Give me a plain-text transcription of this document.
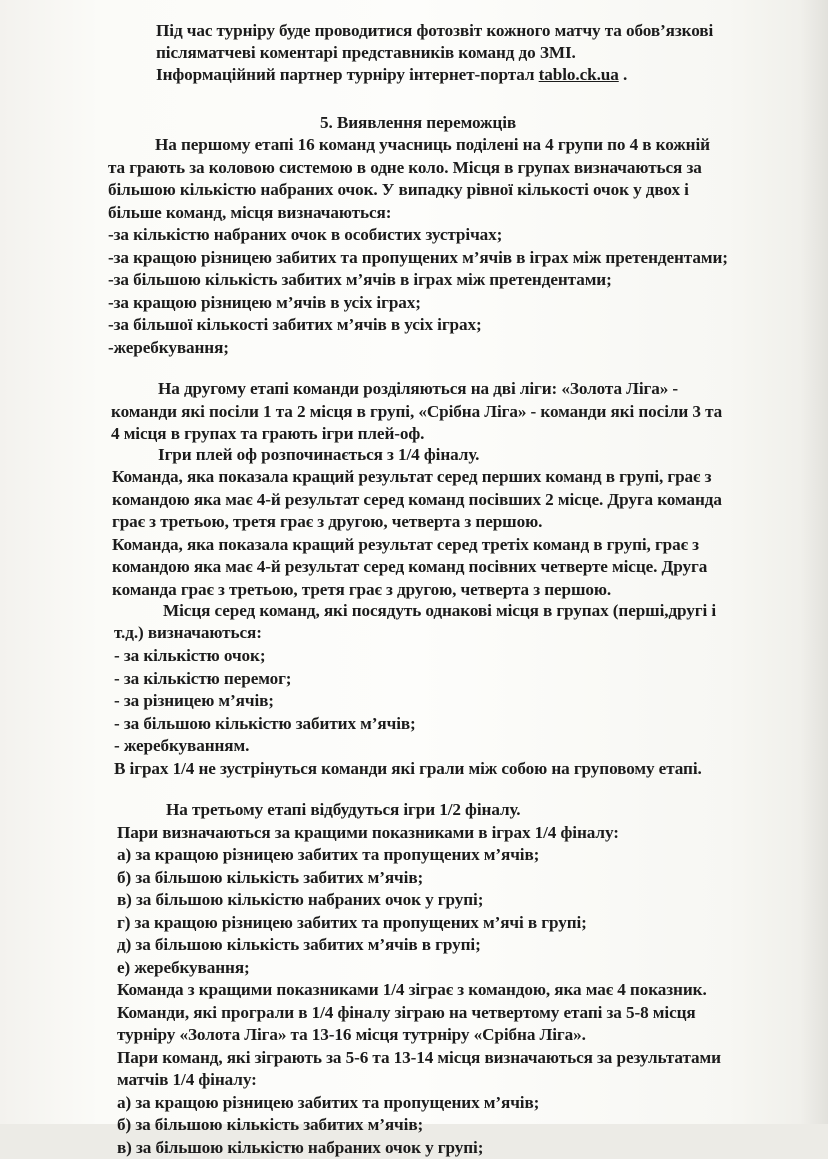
Під час турніру буде проводитися фотозвіт кожного матчу та обов’язкові
післяматчеві коментарі представників команд до ЗМІ.
Інформаційний партнер турніру інтернет-портал tablo.ck.ua .
5. Виявлення переможців
На першому етапі 16 команд учасниць поділені на 4 групи по 4 в кожній
та грають за коловою системою в одне коло. Місця в групах визначаються за
більшою кількістю набраних очок. У випадку рівної кількості очок у двох і
більше команд, місця визначаються:
-за кількістю набраних очок в особистих зустрічах;
-за кращою різницею забитих та пропущених м’ячів в іграх між претендентами;
-за більшою кількість забитих м’ячів в іграх між претендентами;
-за кращою різницею м’ячів в усіх іграх;
-за більшої кількості забитих м’ячів в усіх іграх;
-жеребкування;
На другому етапі команди розділяються на дві ліги: «Золота Ліга» -
команди які посіли 1 та 2 місця в групі, «Срібна Ліга» - команди які посіли 3 та
4 місця в групах та грають ігри плей-оф.
Ігри плей оф розпочинається з 1/4 фіналу.
Команда, яка показала кращий результат серед перших команд в групі, грає з
командою яка має 4-й результат серед команд посівших 2 місце. Друга команда
грає з третьою, третя грає з другою, четверта з першою.
Команда, яка показала кращий результат серед третіх команд в групі, грає з
командою яка має 4-й результат серед команд посівних четверте місце. Друга
команда грає з третьою, третя грає з другою, четверта з першою.
Місця серед команд, які посядуть однакові місця в групах (перші,другі і
т.д.) визначаються:
- за кількістю очок;
- за кількістю перемог;
- за різницею м’ячів;
- за більшою кількістю забитих м’ячів;
- жеребкуванням.
В іграх 1/4 не зустрінуться команди які грали між собою на груповому етапі.
На третьому етапі відбудуться ігри 1/2 фіналу.
Пари визначаються за кращими показниками в іграх 1/4 фіналу:
а) за кращою різницею забитих та пропущених м’ячів;
б) за більшою кількість забитих м’ячів;
в) за більшою кількістю набраних очок у групі;
г) за кращою різницею забитих та пропущених м’ячі в групі;
д) за більшою кількість забитих м’ячів в групі;
е) жеребкування;
Команда з кращими показниками 1/4 зіграє з командою, яка має 4 показник.
Команди, які програли в 1/4 фіналу зіграю на четвертому етапі за 5-8 місця
турніру «Золота Ліга» та 13-16 місця тутрніру «Срібна Ліга».
Пари команд, які зіграють за 5-6 та 13-14 місця визначаються за результатами
матчів 1/4 фіналу:
а) за кращою різницею забитих та пропущених м’ячів;
б) за більшою кількість забитих м’ячів;
в) за більшою кількістю набраних очок у групі;
